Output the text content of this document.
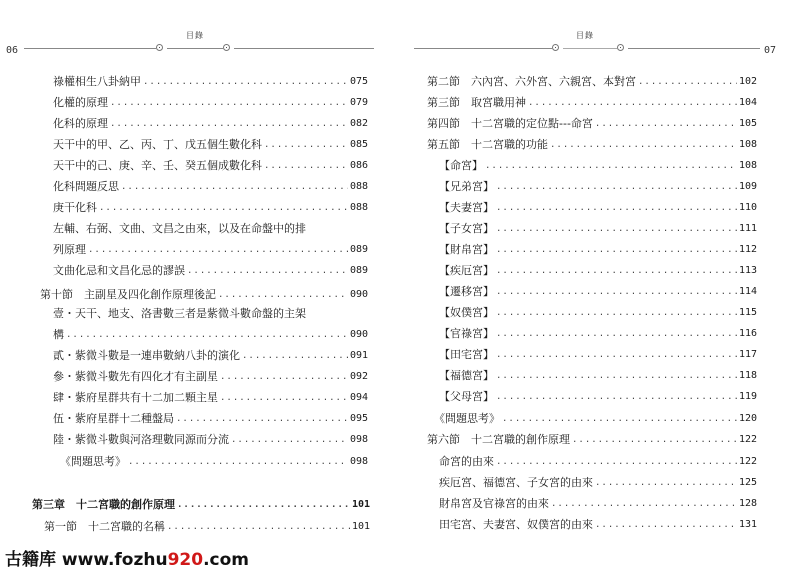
目錄
06
祿權相生八卦納甲 .....	075
化權的原理 .....	079
化科的原理 .....	082
天干中的甲、乙、丙、丁、戊五個生數化科 .....	085
天干中的己、庚、辛、壬、癸五個成數化科 .....	086
化科問題反思 .....	088
庚干化科 .....	088
左輔、右弼、文曲、文昌之由來，以及在命盤中的排
列原理 .....	089
文曲化忌和文昌化忌的謬誤 .....	089
第十節　主副星及四化創作原理後記 .....	090
壹・天干、地支、洛書數三者是紫微斗數命盤的主架
構 .....	090
貳・紫微斗數是一連串數納八卦的演化 .....	091
參・紫微斗數先有四化才有主副星 .....	092
肆・紫府星群共有十二加二顆主星 .....	094
伍・紫府星群十二種盤局 .....	095
陸・紫微斗數與河洛理數同源而分流 .....	098
《問題思考》 .....	098
第三章　十二宮職的創作原理 .....	101
第一節　十二宮職的名稱 .....	101
目錄
07
第二節　六內宮、六外宮、六親宮、本對宮 .....	102
第三節　取宮職用神 .....	104
第四節　十二宮職的定位點---命宮 .....	105
第五節　十二宮職的功能 .....	108
【命宮】 .....	108
【兄弟宮】 .....	109
【夫妻宮】 .....	110
【子女宮】 .....	111
【財帛宮】 .....	112
【疾厄宮】 .....	113
【遷移宮】 .....	114
【奴僕宮】 .....	115
【官祿宮】 .....	116
【田宅宮】 .....	117
【福德宮】 .....	118
【父母宮】 .....	119
《問題思考》 .....	120
第六節　十二宮職的創作原理 .....	122
命宮的由來 .....	122
疾厄宮、福德宮、子女宮的由來 .....	125
財帛宮及官祿宮的由來 .....	128
田宅宮、夫妻宮、奴僕宮的由來 .....	131
古籍库 www.fozhu920.com
